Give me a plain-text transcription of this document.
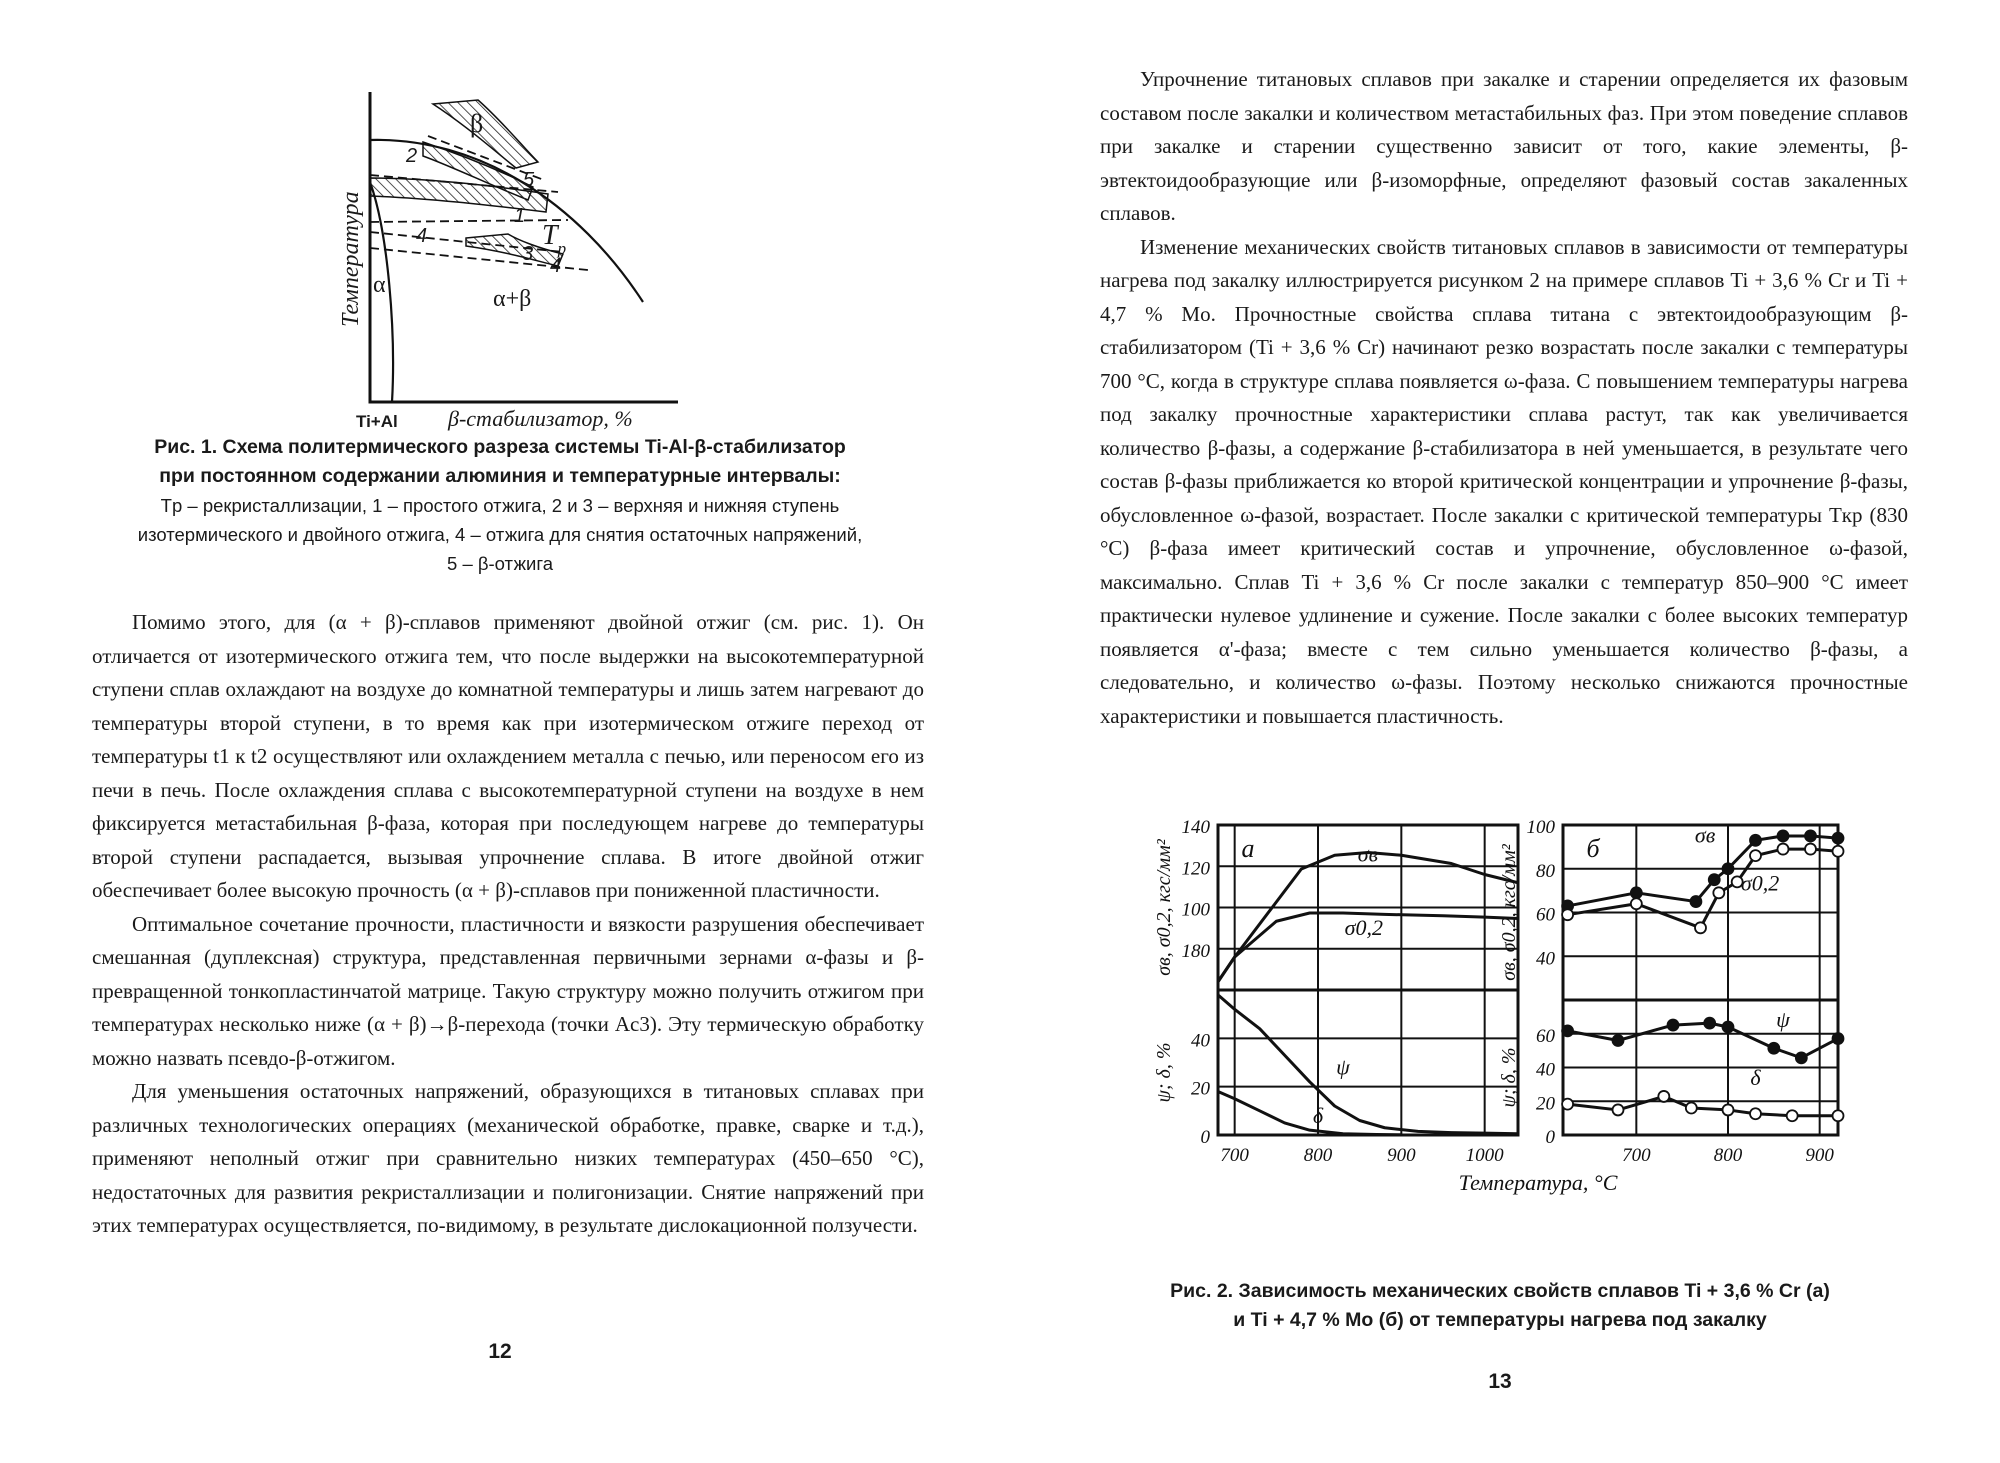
β
α
α+β
2
5
1
4
3
4
$T_p$
Температура
Ti+Al β-стабилизатор, %
Рис. 1. Схема политермического разреза системы Ti-Al-β-стабилизатор
при постоянном содержании алюминия и температурные интервалы:
Tp – рекристаллизации, 1 – простого отжига, 2 и 3 – верхняя и нижняя ступень
изотермического и двойного отжига, 4 – отжига для снятия остаточных напряжений,
5 – β-отжига

Помимо этого, для (α + β)-сплавов применяют двойной отжиг (см. рис. 1). Он отличается от изотермического отжига тем, что после выдержки на высокотемпературной ступени сплав охлаждают на воздухе до комнатной температуры и лишь затем нагревают до температуры второй ступени, в то время как при изотермическом отжиге переход от температуры t1 к t2 осуществляют или охлаждением металла с печью, или переносом его из печи в печь. После охлаждения сплава с высокотемпературной ступени на воздухе в нем фиксируется метастабильная β-фаза, которая при последующем нагреве до температуры второй ступени распадается, вызывая упрочнение сплава. В итоге двойной отжиг обеспечивает более высокую прочность (α + β)-сплавов при пониженной пластичности.

Оптимальное сочетание прочности, пластичности и вязкости разрушения обеспечивает смешанная (дуплексная) структура, представленная первичными зернами α-фазы и β-превращенной тонкопластинчатой матрице. Такую структуру можно получить отжигом при температурах несколько ниже (α + β)→β-перехода (точки Ac3). Эту термическую обработку можно назвать псевдо-β-отжигом.

Для уменьшения остаточных напряжений, образующихся в титановых сплавах при различных технологических операциях (механической обработке, правке, сварке и т.д.), применяют неполный отжиг при сравнительно низких температурах (450–650 °С), недостаточных для развития рекристаллизации и полигонизации. Снятие напряжений при этих температурах осуществляется, по-видимому, в результате дислокационной ползучести.

12

Упрочнение титановых сплавов при закалке и старении определяется их фазовым составом после закалки и количеством метастабильных фаз. При этом поведение сплавов при закалке и старении существенно зависит от того, какие элементы, β-эвтектоидообразующие или β-изоморфные, определяют фазовый состав закаленных сплавов.

Изменение механических свойств титановых сплавов в зависимости от температуры нагрева под закалку иллюстрируется рисунком 2 на примере сплавов Ti + 3,6 % Cr и Ti + 4,7 % Mo. Прочностные свойства сплава титана с эвтектоидообразующим β-стабилизатором (Ti + 3,6 % Cr) начинают резко возрастать после закалки с температуры 700 °С, когда в структуре сплава появляется ω-фаза. С повышением температуры нагрева под закалку прочностные характеристики сплава растут, так как увеличивается количество β-фазы, а содержание β-стабилизатора в ней уменьшается, в результате чего состав β-фазы приближается ко второй критической концентрации и упрочнение β-фазы, обусловленное ω-фазой, возрастает. После закалки с критической температуры Tкр (830 °С) β-фаза имеет критический состав и упрочнение, обусловленное ω-фазой, максимально. Сплав Ti + 3,6 % Cr после закалки с температур 850–900 °С имеет практически нулевое удлинение и сужение. После закалки с более высоких температур появляется α'-фаза; вместе с тем сильно уменьшается количество β-фазы, а следовательно, и количество ω-фазы. Поэтому несколько снижаются прочностные характеристики и повышается пластичность.

140
120
100
180
40
20
0
700	800	900	1000
σв, σ0,2, кгс/мм²
ψ; δ, %
а	σв
σ0,2
ψ
δ
100
80
60
40
60
40
20
0
700	800	900
σв, σ0,2, кгс/мм²
ψ; δ, %
б	σв
σ0,2
ψ
δ
Температура, °С
Рис. 2. Зависимость механических свойств сплавов Ti + 3,6 % Cr (а)
и Ti + 4,7 % Mo (б) от температуры нагрева под закалку
13
